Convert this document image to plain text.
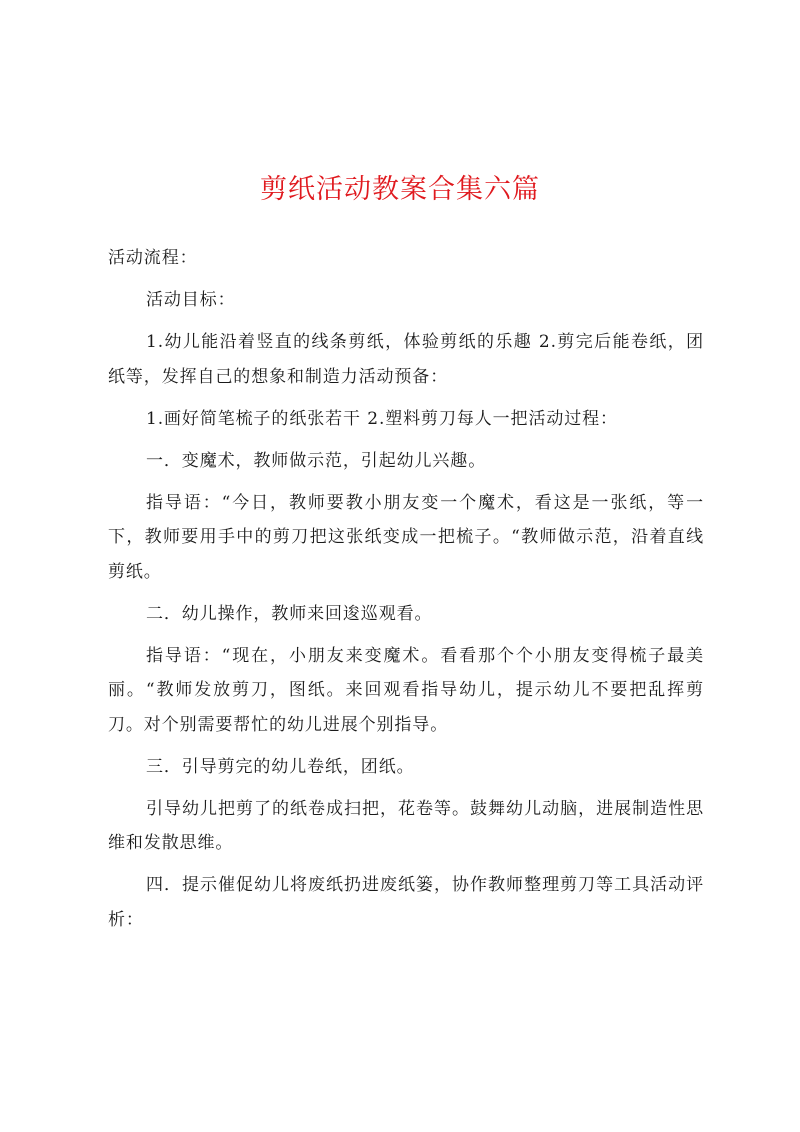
剪纸活动教案合集六篇

活动流程：

活动目标：

1.幼儿能沿着竖直的线条剪纸，体验剪纸的乐趣 2.剪完后能卷纸，团纸等，发挥自己的想象和制造力活动预备：

1.画好简笔梳子的纸张若干 2.塑料剪刀每人一把活动过程：

一．变魔术，教师做示范，引起幼儿兴趣。

指导语：“今日，教师要教小朋友变一个魔术，看这是一张纸，等一下，教师要用手中的剪刀把这张纸变成一把梳子。“教师做示范，沿着直线剪纸。

二．幼儿操作，教师来回逡巡观看。

指导语：“现在，小朋友来变魔术。看看那个个小朋友变得梳子最美丽。“教师发放剪刀，图纸。来回观看指导幼儿，提示幼儿不要把乱挥剪刀。对个别需要帮忙的幼儿进展个别指导。

三．引导剪完的幼儿卷纸，团纸。

引导幼儿把剪了的纸卷成扫把，花卷等。鼓舞幼儿动脑，进展制造性思维和发散思维。

四．提示催促幼儿将废纸扔进废纸篓，协作教师整理剪刀等工具活动评析：
